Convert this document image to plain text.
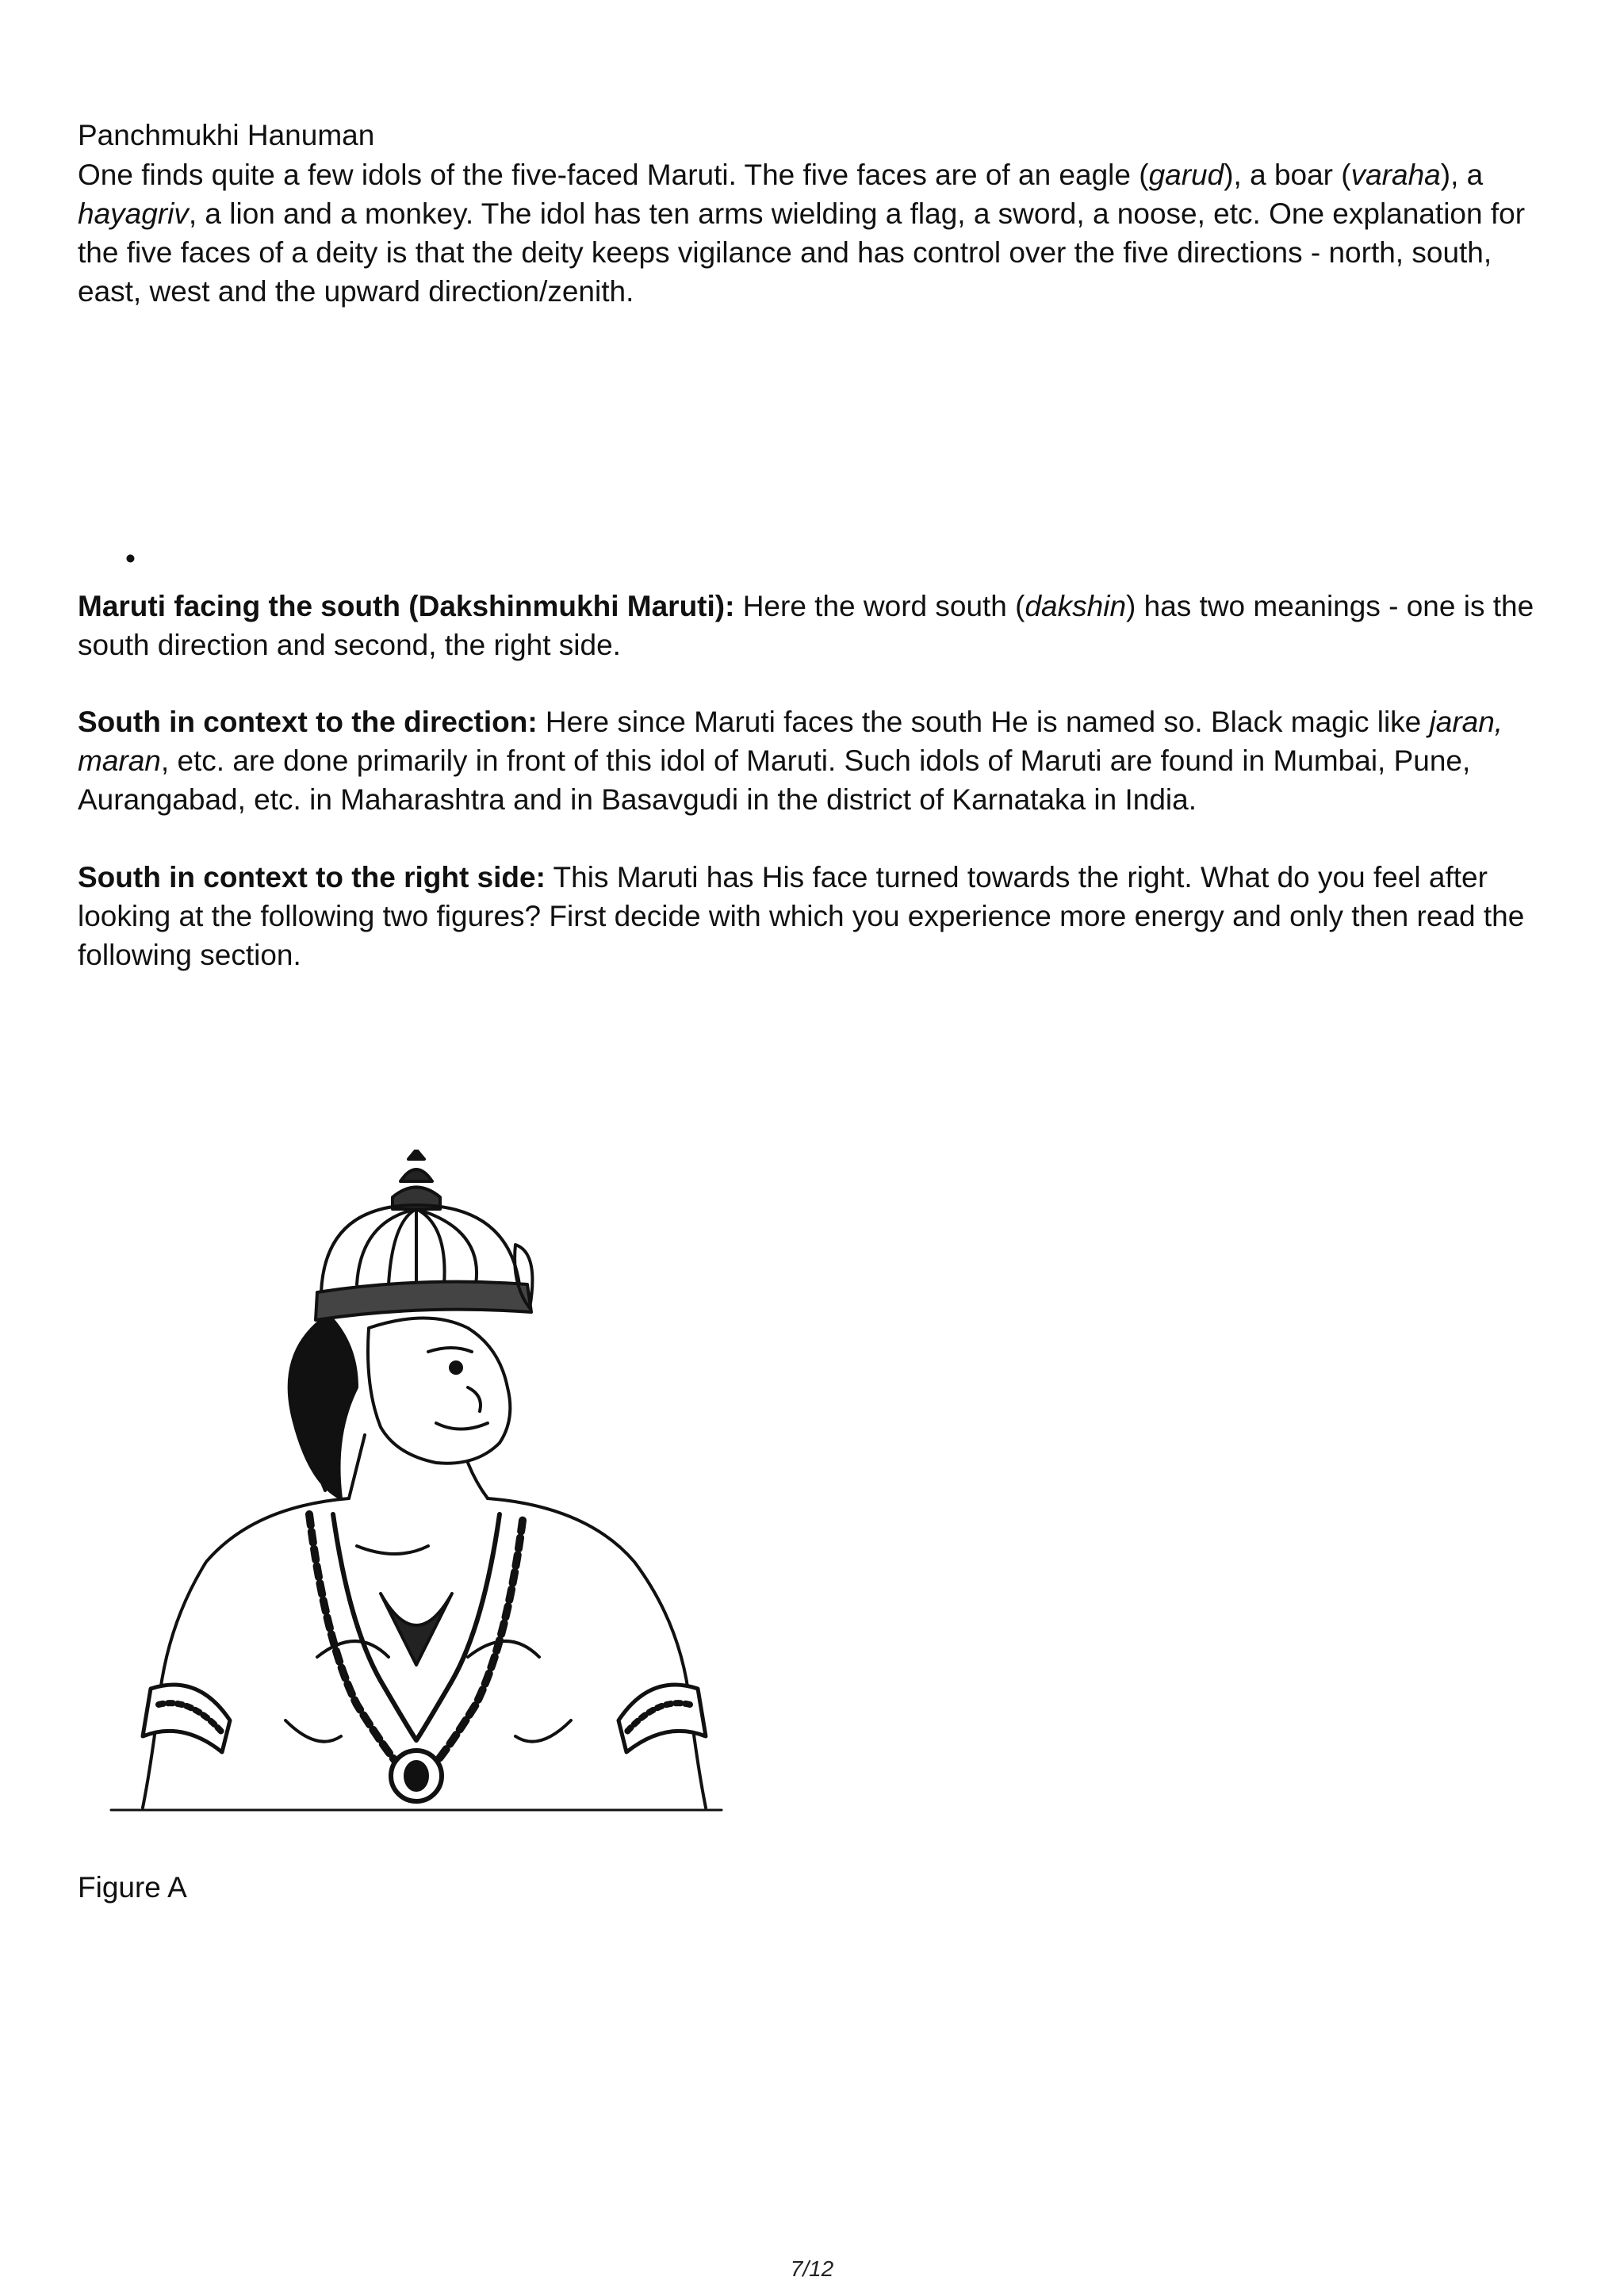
Panchmukhi Hanuman

One finds quite a few idols of the five-faced Maruti. The five faces are of an eagle (garud), a boar (varaha), a hayagriv, a lion and a monkey. The idol has ten arms wielding a flag, a sword, a noose, etc. One explanation for the five faces of a deity is that the deity keeps vigilance and has control over the five directions - north, south, east, west and the upward direction/zenith.

•

Maruti facing the south (Dakshinmukhi Maruti): Here the word south (dakshin) has two meanings - one is the south direction and second, the right side.

South in context to the direction: Here since Maruti faces the south He is named so. Black magic like jaran, maran, etc. are done primarily in front of this idol of Maruti. Such idols of Maruti are found in Mumbai, Pune, Aurangabad, etc. in Maharashtra and in Basavgudi in the district of Karnataka in India.

South in context to the right side: This Maruti has His face turned towards the right. What do you feel after looking at the following two figures? First decide with which you experience more energy and only then read the following section.

Figure A

7/12
